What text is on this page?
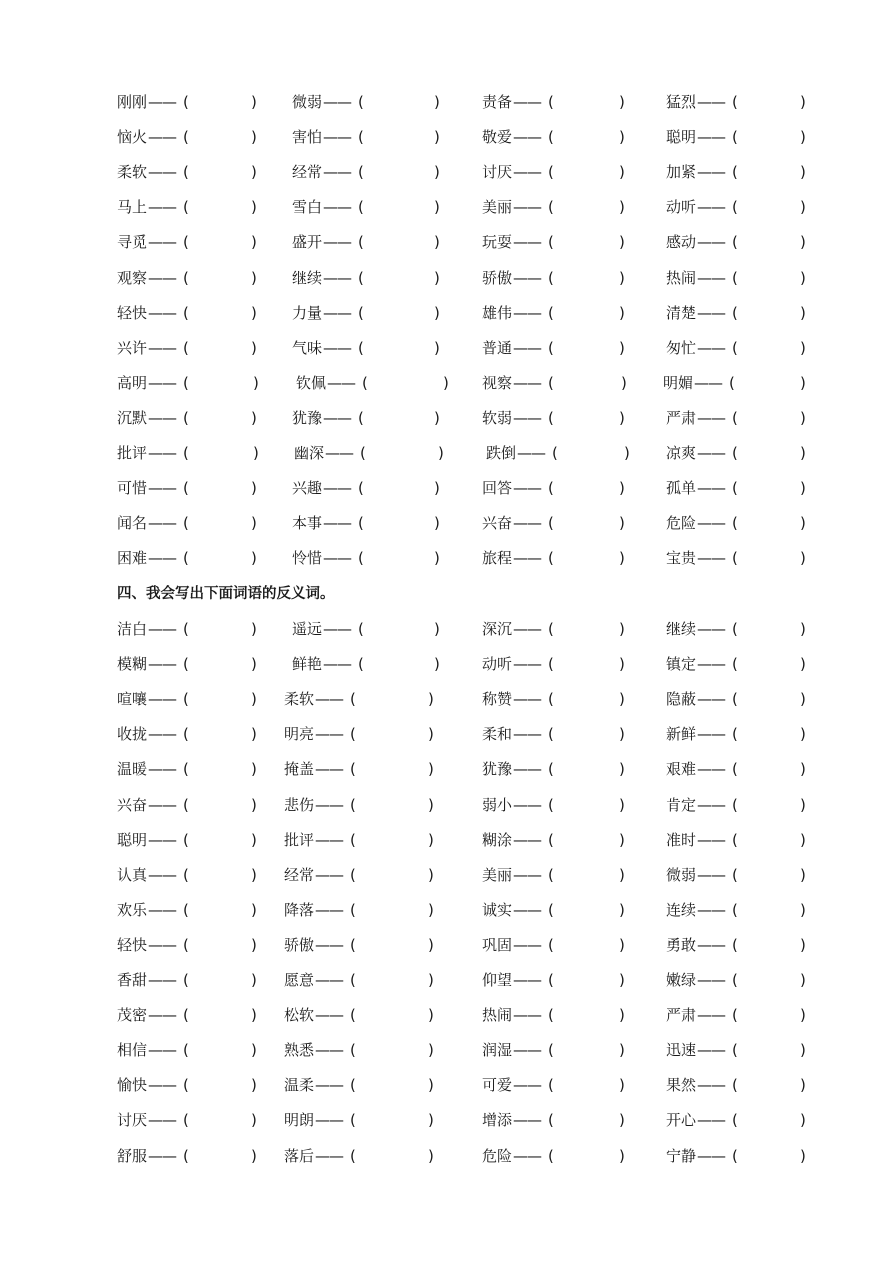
刚刚—— (	) 微弱—— (	)	责备—— (	)	猛烈—— (	)
恼火—— (	) 害怕—— (	)	敬爱—— (	)	聪明—— (	)
柔软—— (	) 经常—— (	)	讨厌—— (	)	加紧—— (	)
马上—— (	) 雪白—— (	)	美丽—— (	)	动听—— (	)
寻觅—— (	) 盛开—— (	)	玩耍—— (	)	感动—— (	)
观察—— (	) 继续—— (	)	骄傲—— (	)	热闹—— (	)
轻快—— (	) 力量—— (	)	雄伟—— (	)	清楚—— (	)
兴许—— (	) 气味—— (	)	普通—— (	)	匆忙—— (	)
高明—— (	) 钦佩—— (	) 视察—— (	) 明媚—— (	)
沉默—— (	) 犹豫—— (	)	软弱—— (	)	严肃—— (	)
批评—— (	) 幽深—— (	)	跌倒—— (	) 凉爽—— (	)
可惜—— (	) 兴趣—— (	)	回答—— (	)	孤单—— (	)
闻名—— (	) 本事—— (	)	兴奋—— (	)	危险—— (	)
困难—— (	) 怜惜—— (	)	旅程—— (	)	宝贵—— (	)
四、我会写出下面词语的反义词。
洁白—— (	) 遥远—— (	)	深沉—— (	)	继续—— (	)
模糊—— (	) 鲜艳—— (	)	动听—— (	)	镇定—— (	)
喧嚷—— (	) 柔软—— (	)	称赞—— (	)	隐蔽—— (	)
收拢—— (	) 明亮—— (	)	柔和—— (	)	新鲜—— (	)
温暖—— (	) 掩盖—— (	)	犹豫—— (	)	艰难—— (	)
兴奋—— (	) 悲伤—— (	)	弱小—— (	)	肯定—— (	)
聪明—— (	) 批评—— (	)	糊涂—— (	)	准时—— (	)
认真—— (	) 经常—— (	)	美丽—— (	)	微弱—— (	)
欢乐—— (	) 降落—— (	)	诚实—— (	)	连续—— (	)
轻快—— (	) 骄傲—— (	)	巩固—— (	)	勇敢—— (	)
香甜—— (	) 愿意—— (	)	仰望—— (	)	嫩绿—— (	)
茂密—— (	) 松软—— (	)	热闹—— (	)	严肃—— (	)
相信—— (	) 熟悉—— (	)	润湿—— (	)	迅速—— (	)
愉快—— (	) 温柔—— (	)	可爱—— (	)	果然—— (	)
讨厌—— (	) 明朗—— (	)	增添—— (	)	开心—— (	)
舒服—— (	) 落后—— (	)	危险—— (	)	宁静—— (	)
